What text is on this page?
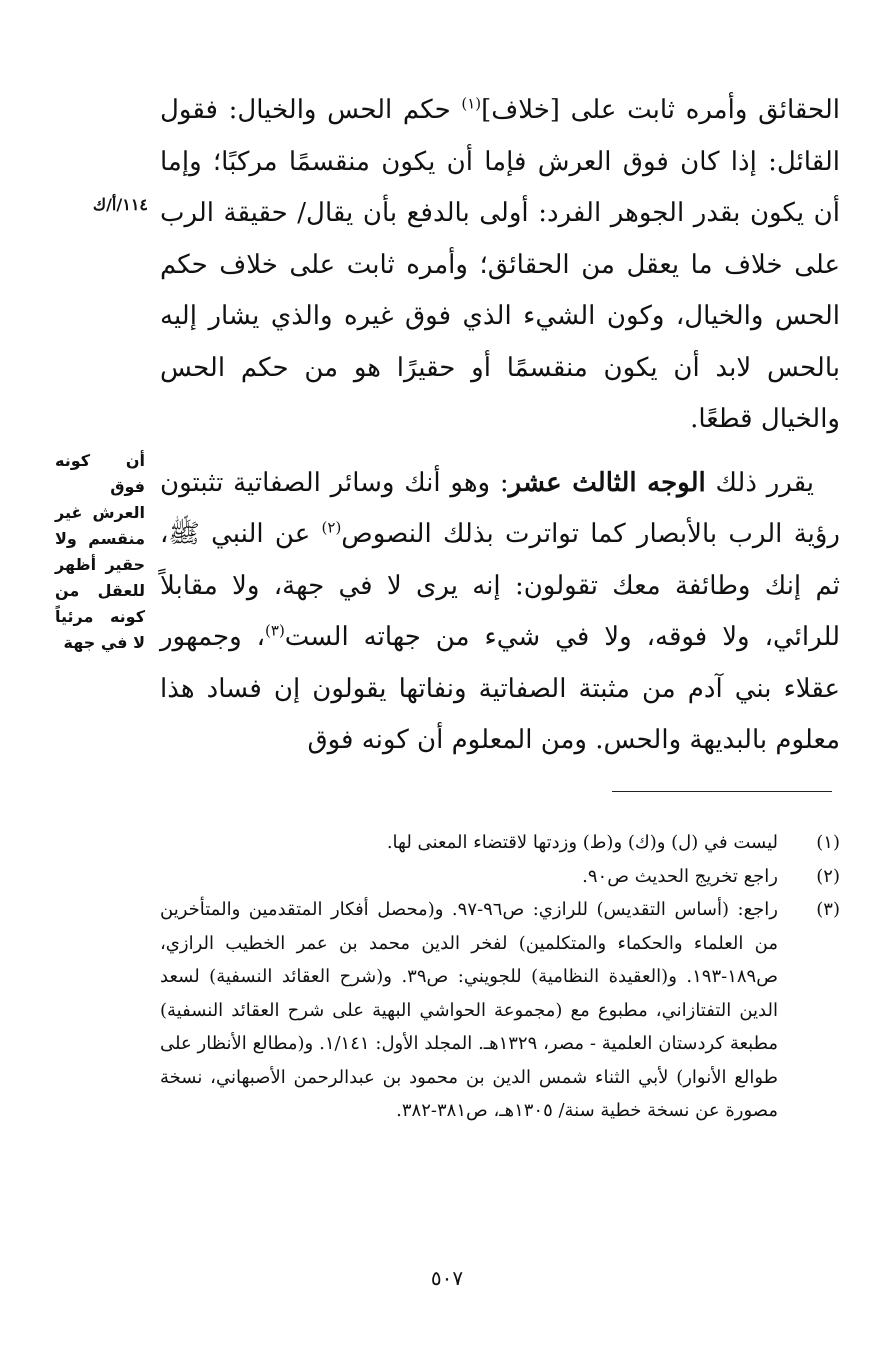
الحقائق وأمره ثابت على [خلاف]$^{(١)}$ حكم الحس والخيال: فقول القائل: إذا كان فوق العرش فإما أن يكون منقسمًا مركبًا؛ وإما أن يكون بقدر الجوهر الفرد: أولى بالدفع بأن يقال/ حقيقة الرب على خلاف ما يعقل من الحقائق؛ وأمره ثابت على خلاف حكم الحس والخيال، وكون الشيء الذي فوق غيره والذي يشار إليه بالحس لابد أن يكون منقسمًا أو حقيرًا هو من حكم الحس والخيال قطعًا.

 يقرر ذلك الوجه الثالث عشر: وهو أنك وسائر الصفاتية تثبتون رؤية الرب بالأبصار كما تواترت بذلك النصوص$^{(٢)}$ عن النبي ﷺ، ثم إنك وطائفة معك تقولون: إنه يرى لا في جهة، ولا مقابلاً للرائي، ولا فوقه، ولا في شيء من جهاته الست$^{(٣)}$، وجمهور عقلاء بني آدم من مثبتة الصفاتية ونفاتها يقولون إن فساد هذا معلوم بالبديهة والحس. ومن المعلوم أن كونه فوق

١١٤/أ/ك
أن كونه فوق العرش غير منقسم ولا حقير أظهر للعقل من كونه مرئياً لا في جهة
(١)
ليست في (ل) و(ك) و(ط) وزدتها لاقتضاء المعنى لها.
(٢)
راجع تخريج الحديث ص٩٠.
(٣)
راجع: (أساس التقديس) للرازي: ص٩٦-٩٧. و(محصل أفكار المتقدمين والمتأخرين من العلماء والحكماء والمتكلمين) لفخر الدين محمد بن عمر الخطيب الرازي، ص١٨٩-١٩٣. و(العقيدة النظامية) للجويني: ص٣٩. و(شرح العقائد النسفية) لسعد الدين التفتازاني، مطبوع مع (مجموعة الحواشي البهية على شرح العقائد النسفية) مطبعة كردستان العلمية - مصر، ١٣٢٩هـ. المجلد الأول: ١/١٤١. و(مطالع الأنظار على طوالع الأنوار) لأبي الثناء شمس الدين بن محمود بن عبدالرحمن الأصبهاني، نسخة مصورة عن نسخة خطية سنة/ ١٣٠٥هـ، ص٣٨١-٣٨٢.
٥٠٧
